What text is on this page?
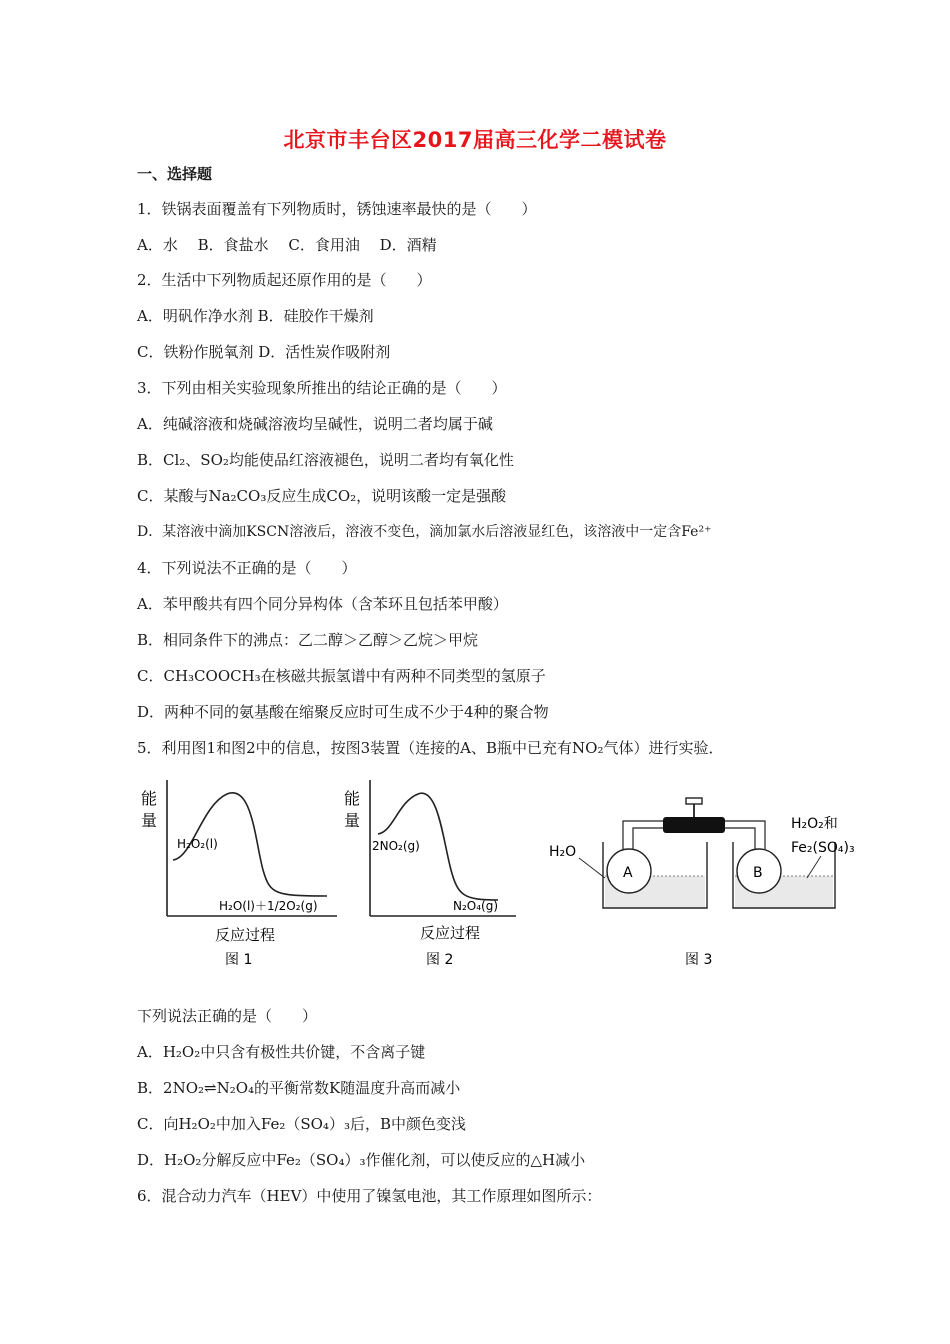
北京市丰台区2017届高三化学二模试卷
一、选择题
1．铁锅表面覆盖有下列物质时，锈蚀速率最快的是（　　）
A．水　 B．食盐水　 C．食用油　 D．酒精
2．生活中下列物质起还原作用的是（　　）
A．明矾作净水剂 B．硅胶作干燥剂
C．铁粉作脱氧剂 D．活性炭作吸附剂
3．下列由相关实验现象所推出的结论正确的是（　　）
A．纯碱溶液和烧碱溶液均呈碱性，说明二者均属于碱
B．Cl₂、SO₂均能使品红溶液褪色，说明二者均有氧化性
C．某酸与Na₂CO₃反应生成CO₂，说明该酸一定是强酸
D．某溶液中滴加KSCN溶液后，溶液不变色，滴加氯水后溶液显红色，该溶液中一定含Fe²⁺
4．下列说法不正确的是（　　）
A．苯甲酸共有四个同分异构体（含苯环且包括苯甲酸）
B．相同条件下的沸点：乙二醇＞乙醇＞乙烷＞甲烷
C．CH₃COOCH₃在核磁共振氢谱中有两种不同类型的氢原子
D．两种不同的氨基酸在缩聚反应时可生成不少于4种的聚合物
5．利用图1和图2中的信息，按图3装置（连接的A、B瓶中已充有NO₂气体）进行实验．
能
量
H₂O₂(l)
H₂O(l)＋1/2O₂(g)
反应过程
图 1
能
量
2NO₂(g)
N₂O₄(g)
反应过程
图 2
A	B
H₂O
H₂O₂和
Fe₂(SO₄)₃
图 3
下列说法正确的是（　　）
A．H₂O₂中只含有极性共价键，不含离子键
B．2NO₂⇌N₂O₄的平衡常数K随温度升高而减小
C．向H₂O₂中加入Fe₂（SO₄）₃后，B中颜色变浅
D．H₂O₂分解反应中Fe₂（SO₄）₃作催化剂，可以使反应的△H减小
6．混合动力汽车（HEV）中使用了镍氢电池，其工作原理如图所示：
